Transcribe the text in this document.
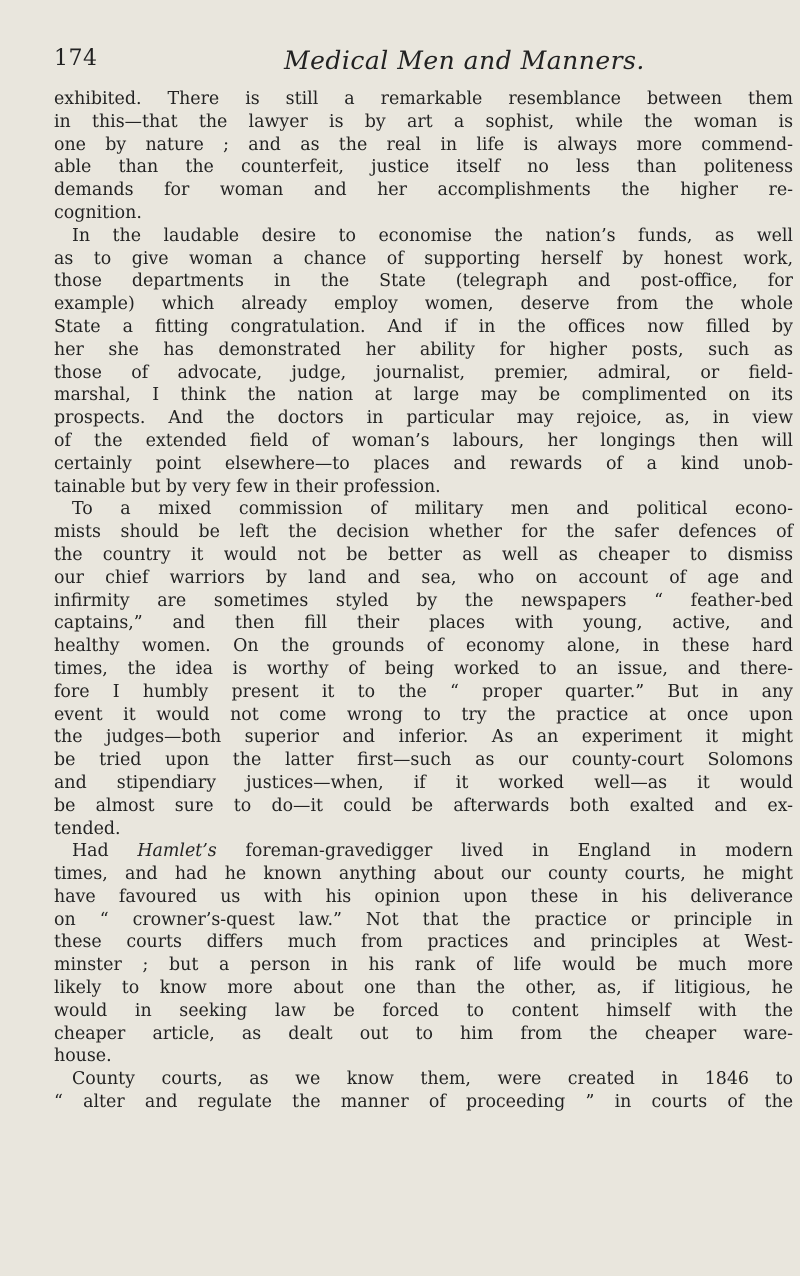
174	Medical Men and Manners.
exhibited. There is still a remarkable resemblance between them
in this—that the lawyer is by art a sophist, while the woman is
one by nature ; and as the real in life is always more commend-
able than the counterfeit, justice itself no less than politeness
demands for woman and her accomplishments the higher re-
cognition.
In the laudable desire to economise the nation’s funds, as well
as to give woman a chance of supporting herself by honest work,
those departments in the State (telegraph and post-office, for
example) which already employ women, deserve from the whole
State a fitting congratulation. And if in the offices now filled by
her she has demonstrated her ability for higher posts, such as
those of advocate, judge, journalist, premier, admiral, or field-
marshal, I think the nation at large may be complimented on its
prospects. And the doctors in particular may rejoice, as, in view
of the extended field of woman’s labours, her longings then will
certainly point elsewhere—to places and rewards of a kind unob-
tainable but by very few in their profession.
To a mixed commission of military men and political econo-
mists should be left the decision whether for the safer defences of
the country it would not be better as well as cheaper to dismiss
our chief warriors by land and sea, who on account of age and
infirmity are sometimes styled by the newspapers “ feather-bed
captains,” and then fill their places with young, active, and
healthy women. On the grounds of economy alone, in these hard
times, the idea is worthy of being worked to an issue, and there-
fore I humbly present it to the “ proper quarter.” But in any
event it would not come wrong to try the practice at once upon
the judges—both superior and inferior. As an experiment it might
be tried upon the latter first—such as our county-court Solomons
and stipendiary justices—when, if it worked well—as it would
be almost sure to do—it could be afterwards both exalted and ex-
tended.
Had Hamlet’s foreman-gravedigger lived in England in modern
times, and had he known anything about our county courts, he might
have favoured us with his opinion upon these in his deliverance
on “ crowner’s-quest law.” Not that the practice or principle in
these courts differs much from practices and principles at West-
minster ; but a person in his rank of life would be much more
likely to know more about one than the other, as, if litigious, he
would in seeking law be forced to content himself with the
cheaper article, as dealt out to him from the cheaper ware-
house.
County courts, as we know them, were created in 1846 to
“ alter and regulate the manner of proceeding ” in courts of the
